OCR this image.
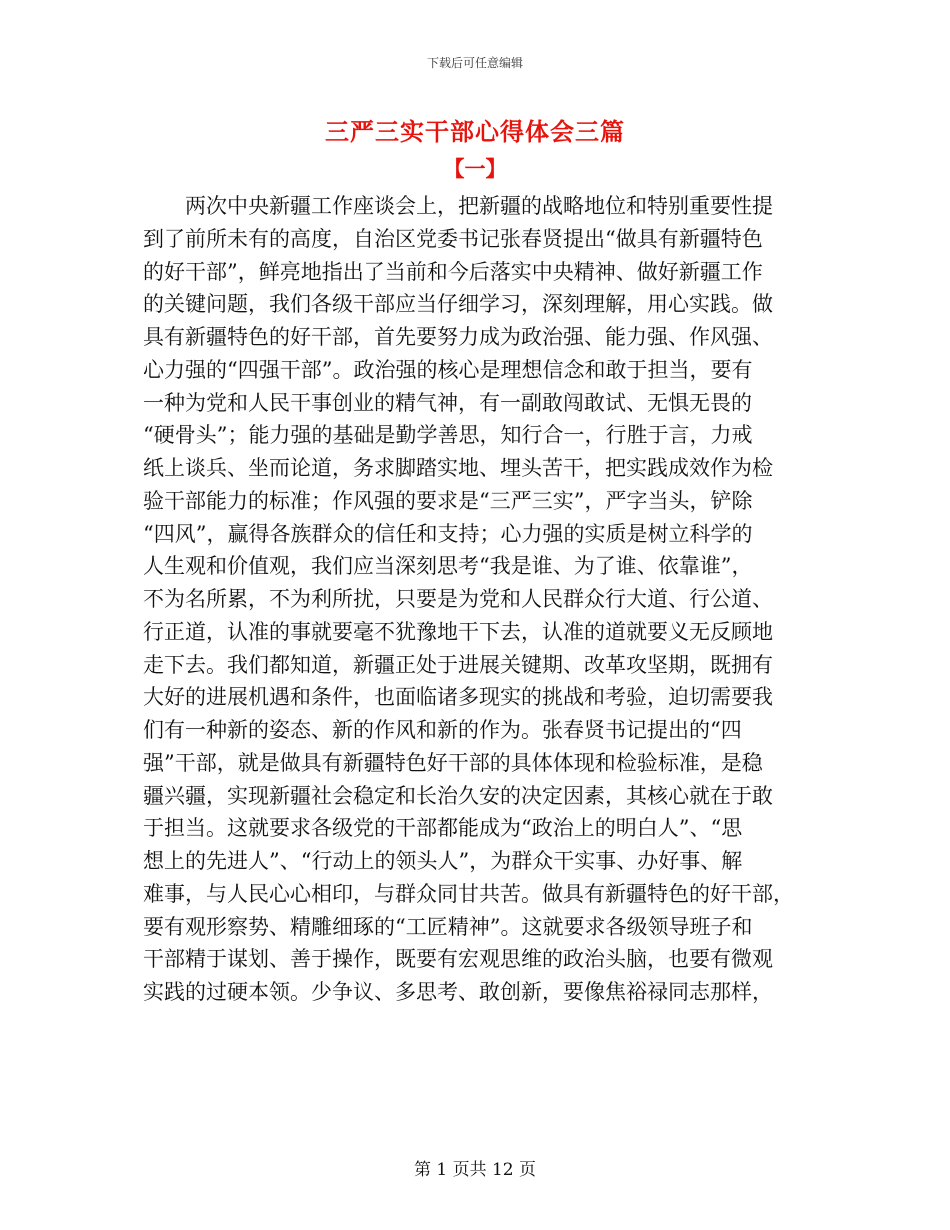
下载后可任意编辑
三严三实干部心得体会三篇
【一】
两次中央新疆工作座谈会上，把新疆的战略地位和特别重要性提
到了前所未有的高度，自治区党委书记张春贤提出“做具有新疆特色
的好干部”，鲜亮地指出了当前和今后落实中央精神、做好新疆工作
的关键问题，我们各级干部应当仔细学习，深刻理解，用心实践。做
具有新疆特色的好干部，首先要努力成为政治强、能力强、作风强、
心力强的“四强干部”。政治强的核心是理想信念和敢于担当，要有
一种为党和人民干事创业的精气神，有一副敢闯敢试、无惧无畏的
“硬骨头”；能力强的基础是勤学善思，知行合一，行胜于言，力戒
纸上谈兵、坐而论道，务求脚踏实地、埋头苦干，把实践成效作为检
验干部能力的标准；作风强的要求是“三严三实”，严字当头，铲除
“四风”，赢得各族群众的信任和支持；心力强的实质是树立科学的
人生观和价值观，我们应当深刻思考“我是谁、为了谁、依靠谁”，
不为名所累，不为利所扰，只要是为党和人民群众行大道、行公道、
行正道，认准的事就要毫不犹豫地干下去，认准的道就要义无反顾地
走下去。我们都知道，新疆正处于进展关键期、改革攻坚期，既拥有
大好的进展机遇和条件，也面临诸多现实的挑战和考验，迫切需要我
们有一种新的姿态、新的作风和新的作为。张春贤书记提出的“四
强”干部，就是做具有新疆特色好干部的具体体现和检验标准，是稳
疆兴疆，实现新疆社会稳定和长治久安的决定因素，其核心就在于敢
于担当。这就要求各级党的干部都能成为“政治上的明白人”、“思
想上的先进人”、“行动上的领头人”，为群众干实事、办好事、解
难事，与人民心心相印，与群众同甘共苦。做具有新疆特色的好干部，
要有观形察势、精雕细琢的“工匠精神”。这就要求各级领导班子和
干部精于谋划、善于操作，既要有宏观思维的政治头脑，也要有微观
实践的过硬本领。少争议、多思考、敢创新，要像焦裕禄同志那样，
第 1 页共 12 页
